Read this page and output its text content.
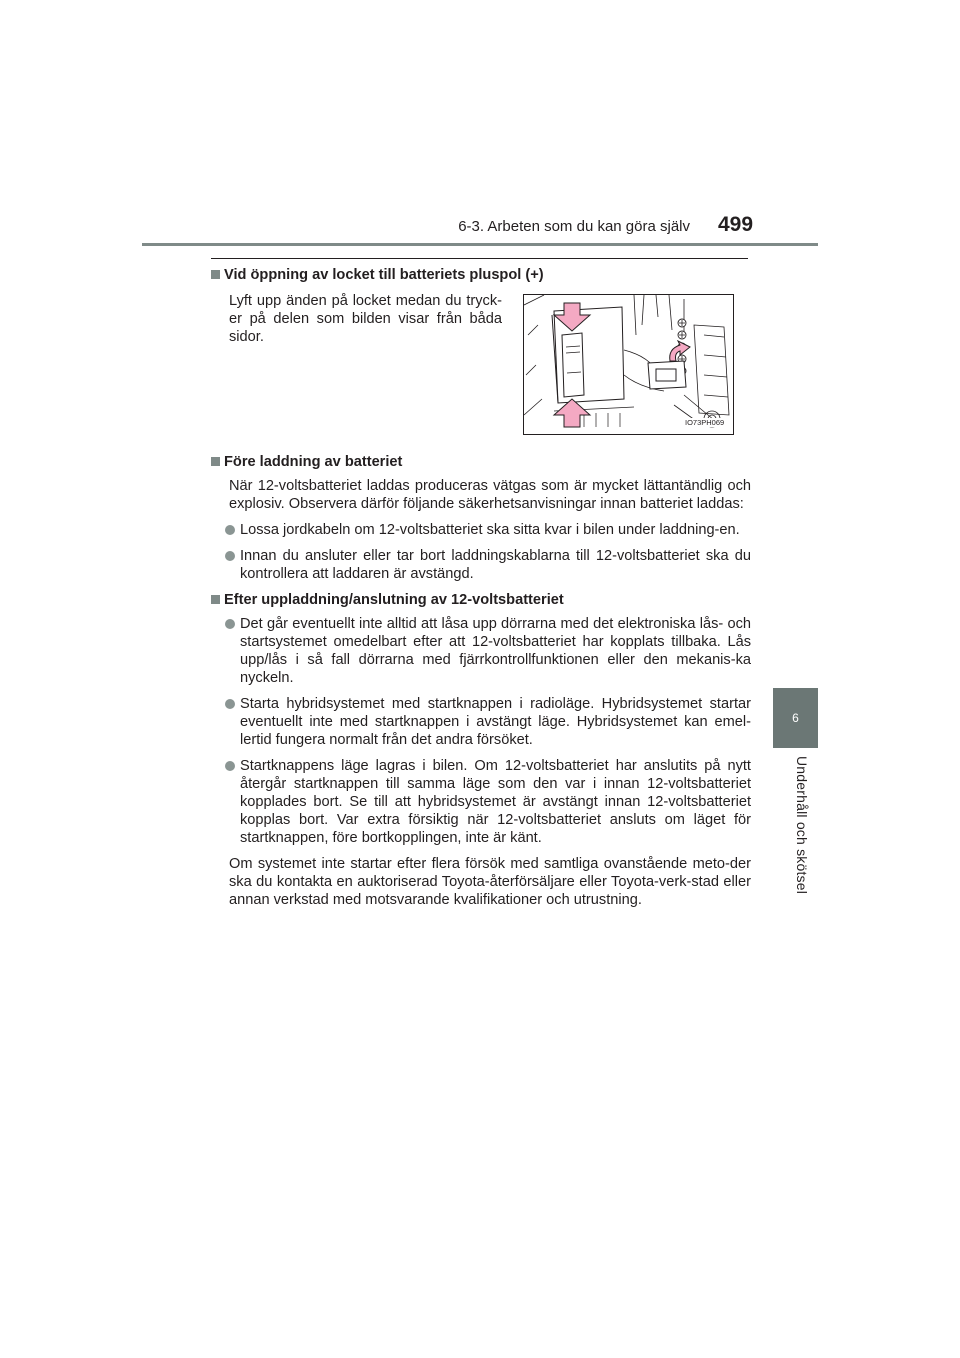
6-3. Arbeten som du kan göra själv 499
6
Underhåll och skötsel
IO73PH069

Vid öppning av locket till batteriets pluspol (+)

Lyft upp änden på locket medan du tryck-er på delen som bilden visar från båda sidor.

Före laddning av batteriet

När 12-voltsbatteriet laddas produceras vätgas som är mycket lättantändlig och explosiv. Observera därför följande säkerhetsanvisningar innan batteriet laddas:

Lossa jordkabeln om 12-voltsbatteriet ska sitta kvar i bilen under laddning-en.

Innan du ansluter eller tar bort laddningskablarna till 12-voltsbatteriet ska du kontrollera att laddaren är avstängd.

Efter uppladdning/anslutning av 12-voltsbatteriet

Det går eventuellt inte alltid att låsa upp dörrarna med det elektroniska lås- och startsystemet omedelbart efter att 12-voltsbatteriet har kopplats tillbaka. Lås upp/lås i så fall dörrarna med fjärrkontrollfunktionen eller den mekanis-ka nyckeln.

Starta hybridsystemet med startknappen i radioläge. Hybridsystemet startar eventuellt inte med startknappen i avstängt läge. Hybridsystemet kan emel-lertid fungera normalt från det andra försöket.

Startknappens läge lagras i bilen. Om 12-voltsbatteriet har anslutits på nytt återgår startknappen till samma läge som den var i innan 12-voltsbatteriet kopplades bort. Se till att hybridsystemet är avstängt innan 12-voltsbatteriet kopplas bort. Var extra försiktig när 12-voltsbatteriet ansluts om läget för startknappen, före bortkopplingen, inte är känt.

Om systemet inte startar efter flera försök med samtliga ovanstående meto-der ska du kontakta en auktoriserad Toyota-återförsäljare eller Toyota-verk-stad eller annan verkstad med motsvarande kvalifikationer och utrustning.
